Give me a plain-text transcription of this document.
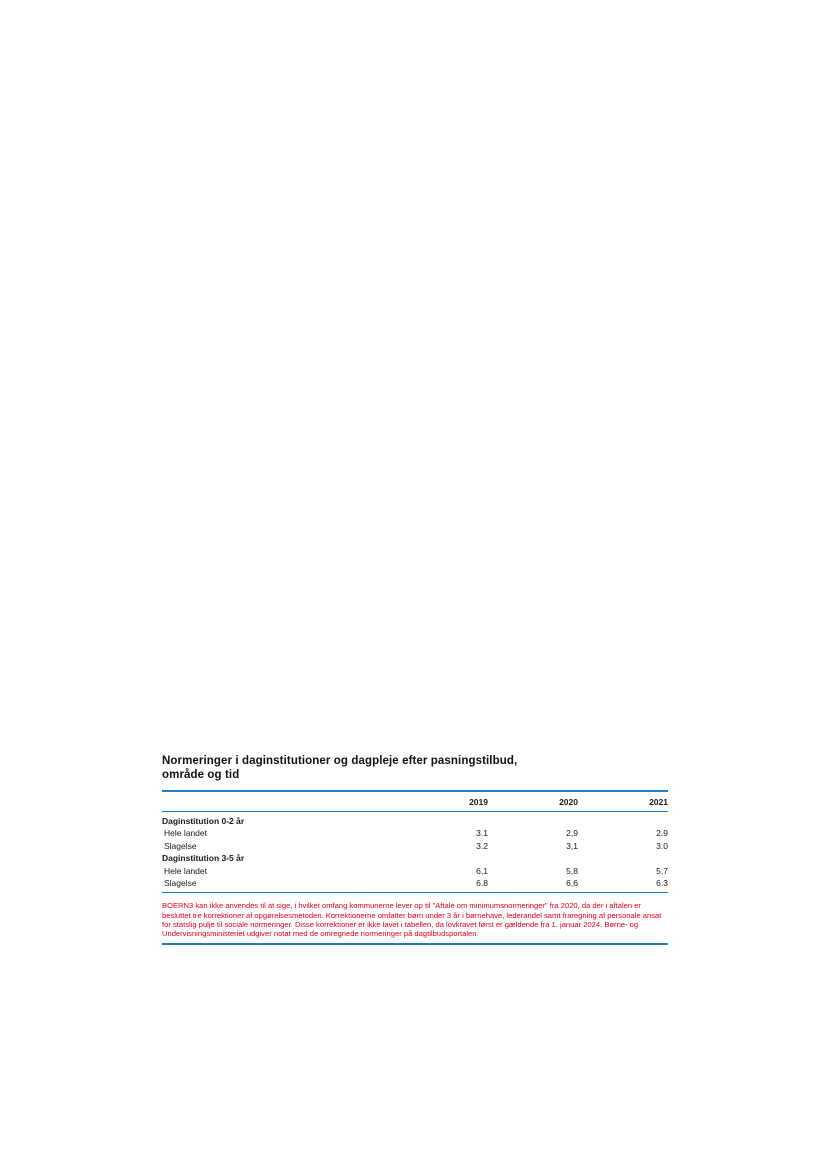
Normeringer i daginstitutioner og dagpleje efter pasningstilbud, område og tid
	2019	2020	2021

Daginstitution 0-2 år			
Hele landet	3.1	2,9	2.9
Slagelse	3.2	3,1	3.0
Daginstitution 3-5 år			
Hele landet	6,1	5,8	5,7
Slagelse	6.8	6,6	6.3

BOERN3 kan ikke anvendes til at sige, i hvilket omfang kommunerne lever op til "Aftale om minimumsnormeringer" fra 2020, da der i aftalen er besluttet tre korrektioner af opgørelsesmetoden. Korrektionerne omfatter børn under 3 år i børnehave, lederandel samt fraregning af personale ansat for statslig pulje til sociale normeringer. Disse korrektioner er ikke lavet i tabellen, da lovkravet først er gældende fra 1. januar 2024. Børne- og Undervisningsministeriet udgiver notat med de omregnede normeringer på dagtilbudsportalen.
